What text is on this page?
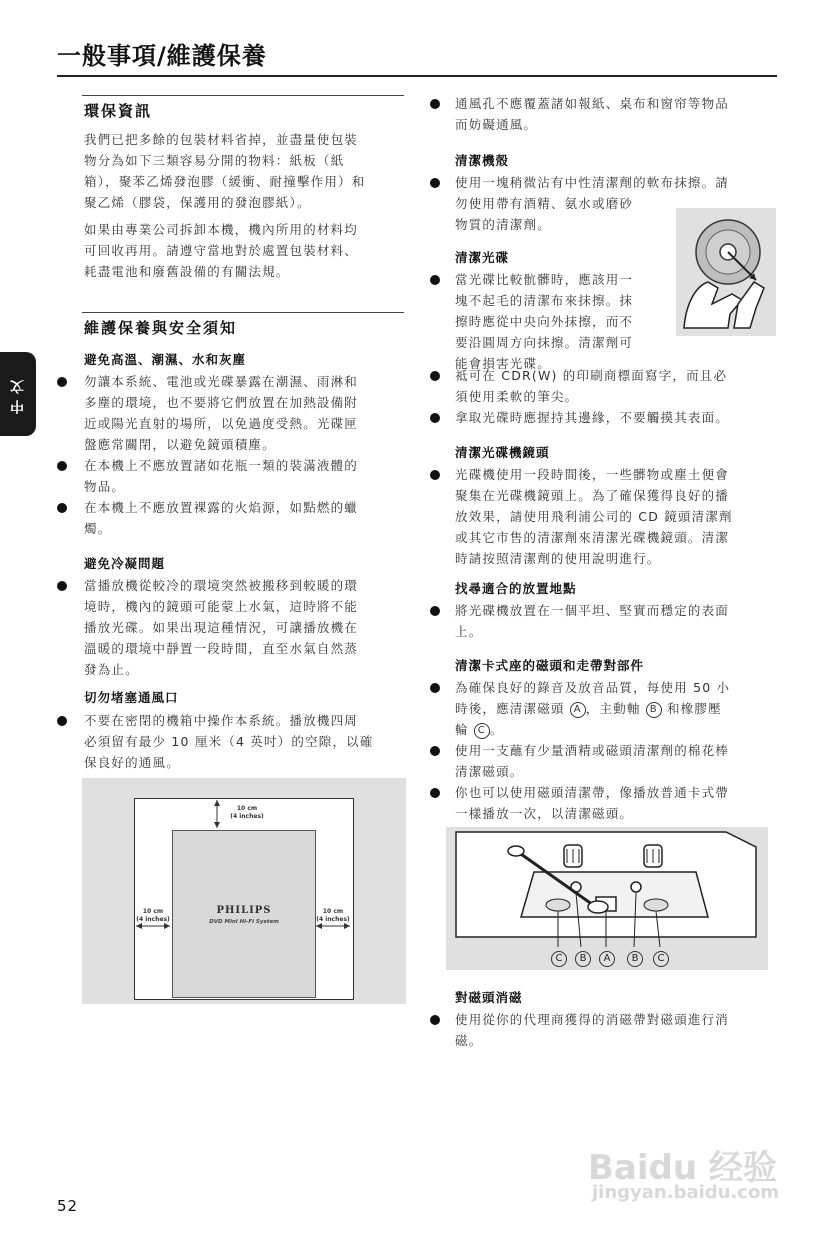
一般事項/維護保養
中文
環保資訊
我們已把多餘的包裝材料省掉，並盡量使包裝
物分為如下三類容易分開的物料：紙板（紙
箱），聚苯乙烯發泡膠（緩衝、耐撞擊作用）和
聚乙烯（膠袋，保護用的發泡膠紙）。
如果由專業公司拆卸本機，機內所用的材料均
可回收再用。請遵守當地對於處置包裝材料、
耗盡電池和廢舊設備的有關法規。
維護保養與安全須知
避免高溫、潮濕、水和灰塵
勿讓本系統、電池或光碟暴露在潮濕、雨淋和
多塵的環境，也不要將它們放置在加熱設備附
近或陽光直射的場所，以免過度受熱。光碟匣
盤應常關閉，以避免鏡頭積塵。
在本機上不應放置諸如花瓶一類的裝滿液體的
物品。
在本機上不應放置裸露的火焰源，如點燃的蠟
燭。
避免冷凝問題
當播放機從較冷的環境突然被搬移到較暖的環
境時，機內的鏡頭可能蒙上水氣，這時將不能
播放光碟。如果出現這種情況，可讓播放機在
溫暖的環境中靜置一段時間，直至水氣自然蒸
發為止。
切勿堵塞通風口
不要在密閉的機箱中操作本系統。播放機四周
必須留有最少 10 厘米（4 英吋）的空隙，以確
保良好的通風。
PHILIPS
DVD Mini Hi-Fi System
10 cm
(4 inches)
10 cm
(4 inches)
10 cm
(4 inches)
通風孔不應覆蓋諸如報紙、桌布和窗帘等物品
而妨礙通風。
清潔機殼
使用一塊稍微沾有中性清潔劑的軟布抹擦。請
勿使用帶有酒精、氨水或磨砂
物質的清潔劑。
清潔光碟
當光碟比較骯髒時，應該用一
塊不起毛的清潔布來抹擦。抹
擦時應從中央向外抹擦，而不
要沿圓周方向抹擦。清潔劑可
能會損害光碟。
祗可在 CDR(W) 的印刷商標面寫字，而且必
須使用柔軟的筆尖。
拿取光碟時應握持其邊緣，不要觸摸其表面。
清潔光碟機鏡頭
光碟機使用一段時間後，一些髒物或塵土便會
聚集在光碟機鏡頭上。為了確保獲得良好的播
放效果，請使用飛利浦公司的 CD 鏡頭清潔劑
或其它市售的清潔劑來清潔光碟機鏡頭。清潔
時請按照清潔劑的使用說明進行。
找尋適合的放置地點
將光碟機放置在一個平坦、堅實而穩定的表面
上。
清潔卡式座的磁頭和走帶對部件
為確保良好的錄音及放音品質，每使用 50 小
時後，應清潔磁頭 A ，主動軸 B 和橡膠壓
輪 C 。
使用一支蘸有少量酒精或磁頭清潔劑的棉花棒
清潔磁頭。
你也可以使用磁頭清潔帶，像播放普通卡式帶
一樣播放一次，以清潔磁頭。
C	B	A	B	C
對磁頭消磁
使用從你的代理商獲得的消磁帶對磁頭進行消
磁。
52
Baidu 经验
jingyan.baidu.com
